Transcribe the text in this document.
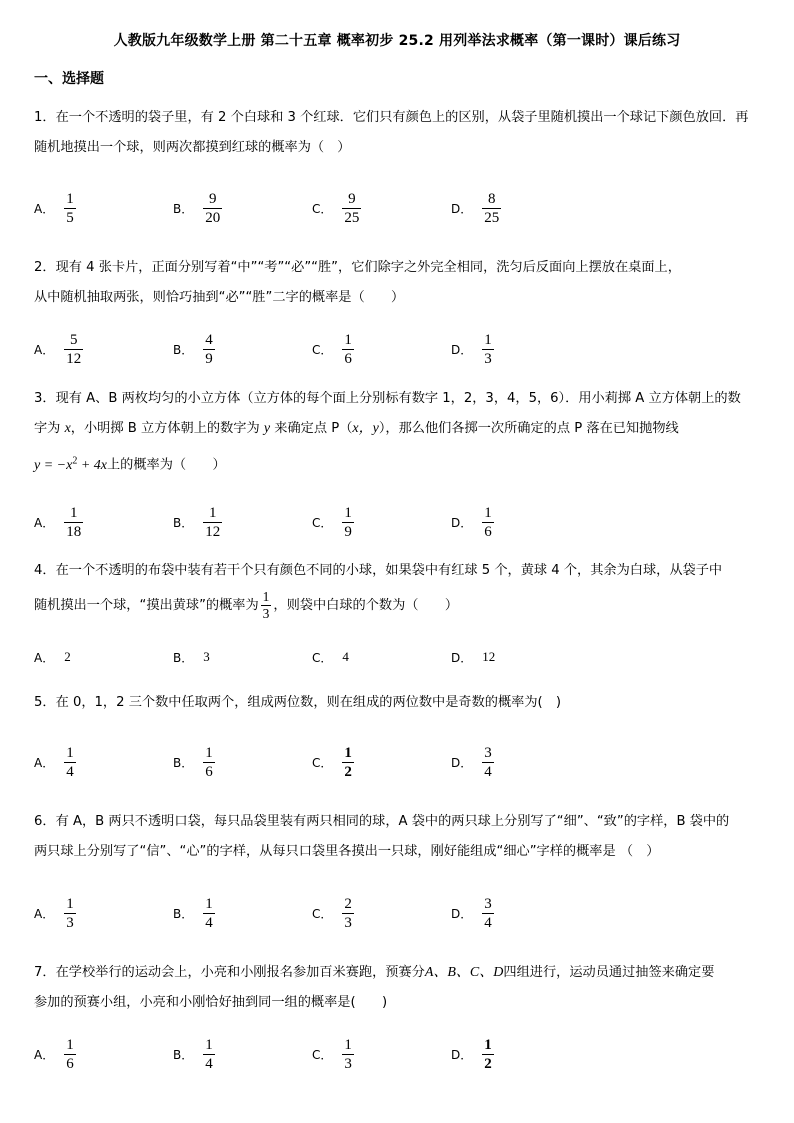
人教版九年级数学上册 第二十五章 概率初步 25.2 用列举法求概率（第一课时）课后练习
一、选择题
1．在一个不透明的袋子里，有 2 个白球和 3 个红球．它们只有颜色上的区别，从袋子里随机摸出一个球记下颜色放回．再
随机地摸出一个球，则两次都摸到红球的概率为（　）
A． $\frac{1}{5}$	B． $\frac{9}{20}$	C． $\frac{9}{25}$	D． $\frac{8}{25}$
2．现有 4 张卡片，正面分别写着“中”“考”“必”“胜”，它们除字之外完全相同，洗匀后反面向上摆放在桌面上，
从中随机抽取两张，则恰巧抽到“必”“胜”二字的概率是（　　）
A． $\frac{5}{12}$	B． $\frac{4}{9}$	C． $\frac{1}{6}$	D． $\frac{1}{3}$
3．现有 A、B 两枚均匀的小立方体（立方体的每个面上分别标有数字 1，2，3，4，5，6）．用小莉掷 A 立方体朝上的数
字为 x，小明掷 B 立方体朝上的数字为 y 来确定点 P（x，y），那么他们各掷一次所确定的点 P 落在已知抛物线
$y = -x^2 + 4x$上的概率为（　　）
A． $\frac{1}{18}$	B． $\frac{1}{12}$	C． $\frac{1}{9}$	D． $\frac{1}{6}$
4．在一个不透明的布袋中装有若干个只有颜色不同的小球，如果袋中有红球 5 个，黄球 4 个，其余为白球，从袋子中
随机摸出一个球，“摸出黄球”的概率为 $\frac{1}{3}$ ，则袋中白球的个数为（　　）
A． 2	B． 3	C． 4	D． 12
5．在 0，1，2 三个数中任取两个，组成两位数，则在组成的两位数中是奇数的概率为(　)
A． $\frac{1}{4}$	B． $\frac{1}{6}$	C． $\frac{1}{2}$	D． $\frac{3}{4}$
6．有 A，B 两只不透明口袋，每只品袋里装有两只相同的球，A 袋中的两只球上分别写了“细”、“致”的字样，B 袋中的
两只球上分别写了“信”、“心”的字样，从每只口袋里各摸出一只球，刚好能组成“细心”字样的概率是 （　）
A． $\frac{1}{3}$	B． $\frac{1}{4}$	C． $\frac{2}{3}$	D． $\frac{3}{4}$
7．在学校举行的运动会上，小亮和小刚报名参加百米赛跑，预赛分A、B、C、D四组进行，运动员通过抽签来确定要
参加的预赛小组，小亮和小刚恰好抽到同一组的概率是(　　)
A． $\frac{1}{6}$	B． $\frac{1}{4}$	C． $\frac{1}{3}$	D． $\frac{1}{2}$
